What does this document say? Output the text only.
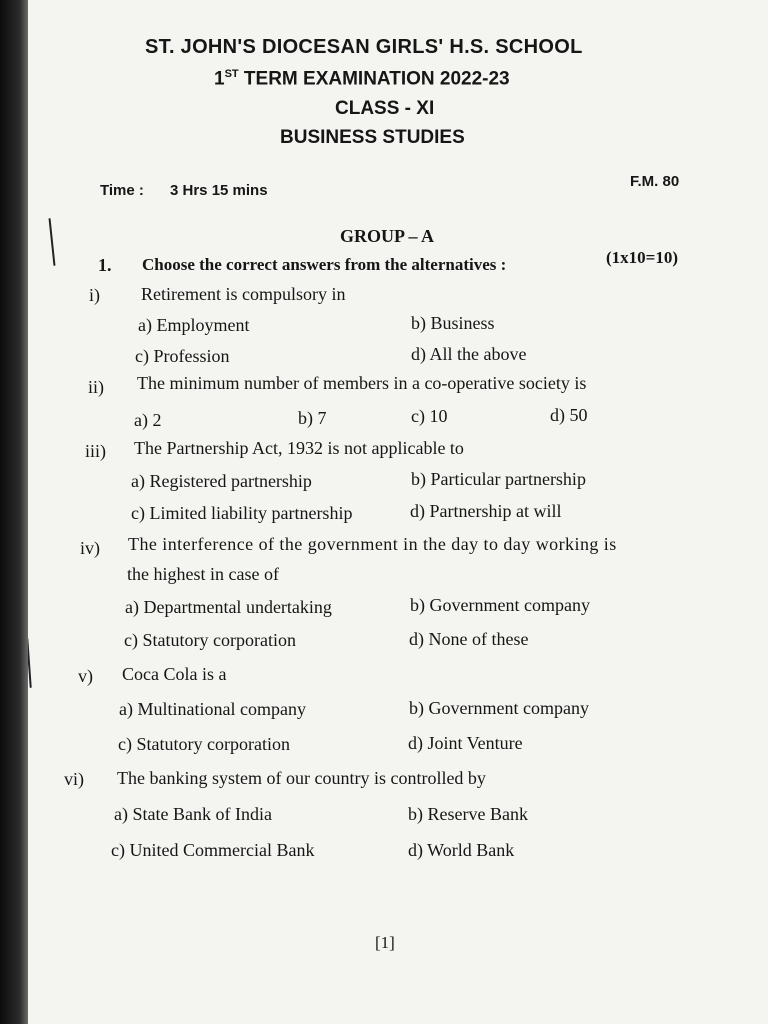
ST. JOHN'S DIOCESAN GIRLS' H.S. SCHOOL
1ST TERM EXAMINATION 2022-23
CLASS - XI
BUSINESS STUDIES
Time : 3 Hrs 15 mins
F.M. 80
GROUP – A
1. Choose the correct answers from the alternatives :	(1x10=10)
i) Retirement is compulsory in
a) Employment	b) Business
c) Profession	d) All the above
ii) The minimum number of members in a co-operative society is
a) 2	b) 7	c) 10	d) 50
iii) The Partnership Act, 1932 is not applicable to
a) Registered partnership	b) Particular partnership
c) Limited liability partnership	d) Partnership at will
iv) The interference of the government in the day to day working is
the highest in case of
a) Departmental undertaking	b) Government company
c) Statutory corporation	d) None of these
v) Coca Cola is a
a) Multinational company	b) Government company
c) Statutory corporation	d) Joint Venture
vi) The banking system of our country is controlled by
a) State Bank of India	b) Reserve Bank
c) United Commercial Bank	d) World Bank
[1]
